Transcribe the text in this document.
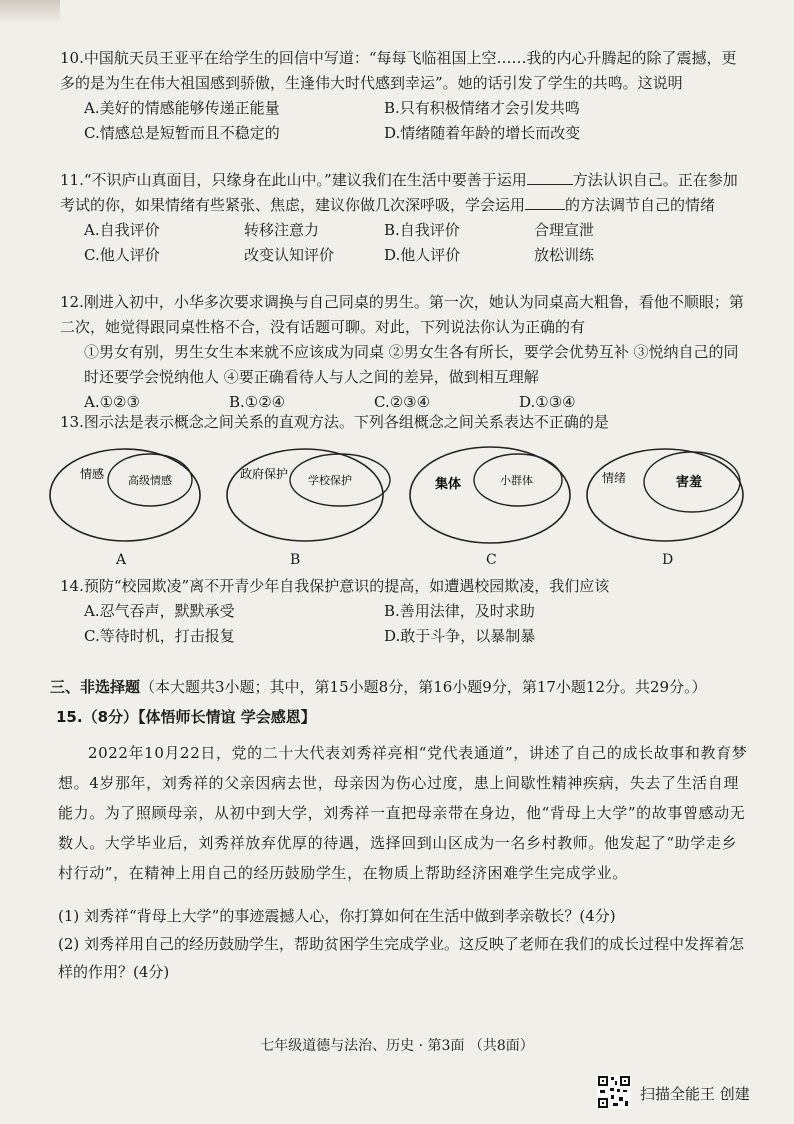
10.中国航天员王亚平在给学生的回信中写道：“每每飞临祖国上空……我的内心升腾起的除了震撼，更多的是为生在伟大祖国感到骄傲，生逢伟大时代感到幸运”。她的话引发了学生的共鸣。这说明

A.美好的情感能够传递正能量	B.只有积极情绪才会引发共鸣
C.情感总是短暂而且不稳定的	D.情绪随着年龄的增长而改变

11.“不识庐山真面目，只缘身在此山中。”建议我们在生活中要善于运用	方法认识自己。正在参加考试的你，如果情绪有些紧张、焦虑，建议你做几次深呼吸，学会运用	的方法调节自己的情绪

A.自我评价	转移注意力	B.自我评价	合理宣泄
C.他人评价	改变认知评价	D.他人评价	放松训练

12.刚进入初中，小华多次要求调换与自己同桌的男生。第一次，她认为同桌高大粗鲁，看他不顺眼；第二次，她觉得跟同桌性格不合，没有话题可聊。对此，下列说法你认为正确的有

①男女有别，男生女生本来就不应该成为同桌 ②男女生各有所长，要学会优势互补 ③悦纳自己的同时还要学会悦纳他人 ④要正确看待人与人之间的差异，做到相互理解

A.①②③	B.①②④	C.②③④	D.①③④

13.图示法是表示概念之间关系的直观方法。下列各组概念之间关系表达不正确的是

情感 高级情感	政府保护 学校保护	集体	小群体	情绪	害羞
A	B	C	D

14.预防“校园欺凌”离不开青少年自我保护意识的提高，如遭遇校园欺凌，我们应该

A.忍气吞声，默默承受	B.善用法律，及时求助
C.等待时机，打击报复	D.敢于斗争，以暴制暴
三、非选择题（本大题共3小题；其中，第15小题8分，第16小题9分，第17小题12分。共29分。）
15.（8分）【体悟师长情谊 学会感恩】

2022年10月22日，党的二十大代表刘秀祥亮相“党代表通道”，讲述了自己的成长故事和教育梦想。4岁那年，刘秀祥的父亲因病去世，母亲因为伤心过度，患上间歇性精神疾病，失去了生活自理能力。为了照顾母亲，从初中到大学，刘秀祥一直把母亲带在身边，他“背母上大学”的故事曾感动无数人。大学毕业后，刘秀祥放弃优厚的待遇，选择回到山区成为一名乡村教师。他发起了“助学走乡村行动”，在精神上用自己的经历鼓励学生，在物质上帮助经济困难学生完成学业。

(1) 刘秀祥“背母上大学”的事迹震撼人心，你打算如何在生活中做到孝亲敬长？(4分)
(2) 刘秀祥用自己的经历鼓励学生，帮助贫困学生完成学业。这反映了老师在我们的成长过程中发挥着怎样的作用？(4分)
七年级道德与法治、历史 · 第3面 （共8面）
扫描全能王 创建
